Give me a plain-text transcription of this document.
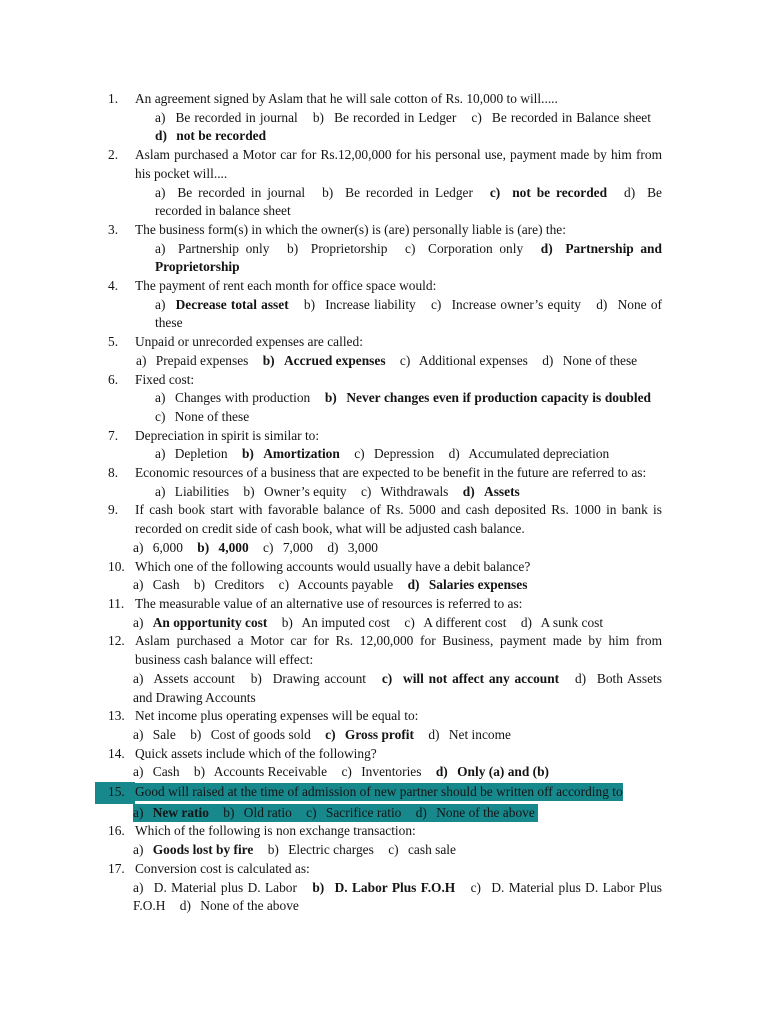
1. An agreement signed by Aslam that he will sale cotton of Rs. 10,000 to will.....
a) Be recorded in journal b) Be recorded in Ledger c) Be recorded in Balance sheet d) not be recorded
2. Aslam purchased a Motor car for Rs.12,00,000 for his personal use, payment made by him from his pocket will....
a) Be recorded in journal b) Be recorded in Ledger c) not be recorded d) Be recorded in balance sheet
3. The business form(s) in which the owner(s) is (are) personally liable is (are) the:
a) Partnership only b) Proprietorship c) Corporation only d) Partnership and Proprietorship
4. The payment of rent each month for office space would:
a) Decrease total asset b) Increase liability c) Increase owner’s equity d) None of these
5. Unpaid or unrecorded expenses are called:
a) Prepaid expenses b) Accrued expenses c) Additional expenses d) None of these
6. Fixed cost:
a) Changes with production b) Never changes even if production capacity is doubled c) None of these
7. Depreciation in spirit is similar to:
a) Depletion b) Amortization c) Depression d) Accumulated depreciation
8. Economic resources of a business that are expected to be benefit in the future are referred to as:
a) Liabilities b) Owner’s equity c) Withdrawals d) Assets
9. If cash book start with favorable balance of Rs. 5000 and cash deposited Rs. 1000 in bank is recorded on credit side of cash book, what will be adjusted cash balance.
a) 6,000 b) 4,000 c) 7,000 d) 3,000
10. Which one of the following accounts would usually have a debit balance?
a) Cash b) Creditors c) Accounts payable d) Salaries expenses
11. The measurable value of an alternative use of resources is referred to as:
a) An opportunity cost b) An imputed cost c) A different cost d) A sunk cost
12. Aslam purchased a Motor car for Rs. 12,00,000 for Business, payment made by him from business cash balance will effect:
a) Assets account b) Drawing account c) will not affect any account d) Both Assets and Drawing Accounts
13. Net income plus operating expenses will be equal to:
a) Sale b) Cost of goods sold c) Gross profit d) Net income
14. Quick assets include which of the following?
a) Cash b) Accounts Receivable c) Inventories d) Only (a) and (b)
15. Good will raised at the time of admission of new partner should be written off according to
a) New ratio b) Old ratio c) Sacrifice ratio d) None of the above
16. Which of the following is non exchange transaction:
a) Goods lost by fire b) Electric charges c) cash sale
17. Conversion cost is calculated as:
a) D. Material plus D. Labor b) D. Labor Plus F.O.H c) D. Material plus D. Labor Plus F.O.H d) None of the above
